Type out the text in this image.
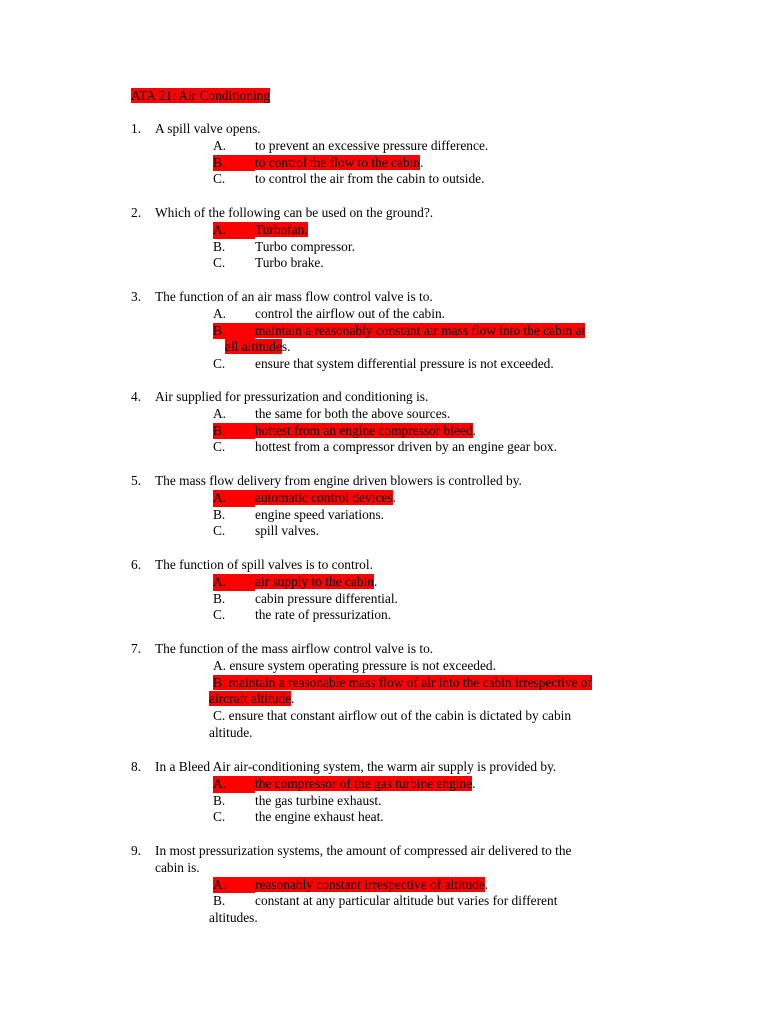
ATA 21: Air Conditioning
1. A spill valve opens.
A. to prevent an excessive pressure difference.
B. to control the flow to the cabin.
C. to control the air from the cabin to outside.
2. Which of the following can be used on the ground?.
A. Turbofan.
B. Turbo compressor.
C. Turbo brake.
3. The function of an air mass flow control valve is to.
A. control the airflow out of the cabin.
B. maintain a reasonably constant air mass flow into the cabin at
all altitudes.
C. ensure that system differential pressure is not exceeded.
4. Air supplied for pressurization and conditioning is.
A. the same for both the above sources.
B. hottest from an engine compressor bleed.
C. hottest from a compressor driven by an engine gear box.
5. The mass flow delivery from engine driven blowers is controlled by.
A. automatic control devices.
B. engine speed variations.
C. spill valves.
6. The function of spill valves is to control.
A. air supply to the cabin.
B. cabin pressure differential.
C. the rate of pressurization.
7. The function of the mass airflow control valve is to.
A. ensure system operating pressure is not exceeded.
B. maintain a reasonable mass flow of air into the cabin irrespective of
aircraft altitude.
C. ensure that constant airflow out of the cabin is dictated by cabin
altitude.
8. In a Bleed Air air-conditioning system, the warm air supply is provided by.
A. the compressor of the gas turbine engine.
B. the gas turbine exhaust.
C. the engine exhaust heat.
9. In most pressurization systems, the amount of compressed air delivered to the
cabin is.
A. reasonably constant irrespective of altitude.
B. constant at any particular altitude but varies for different
altitudes.
